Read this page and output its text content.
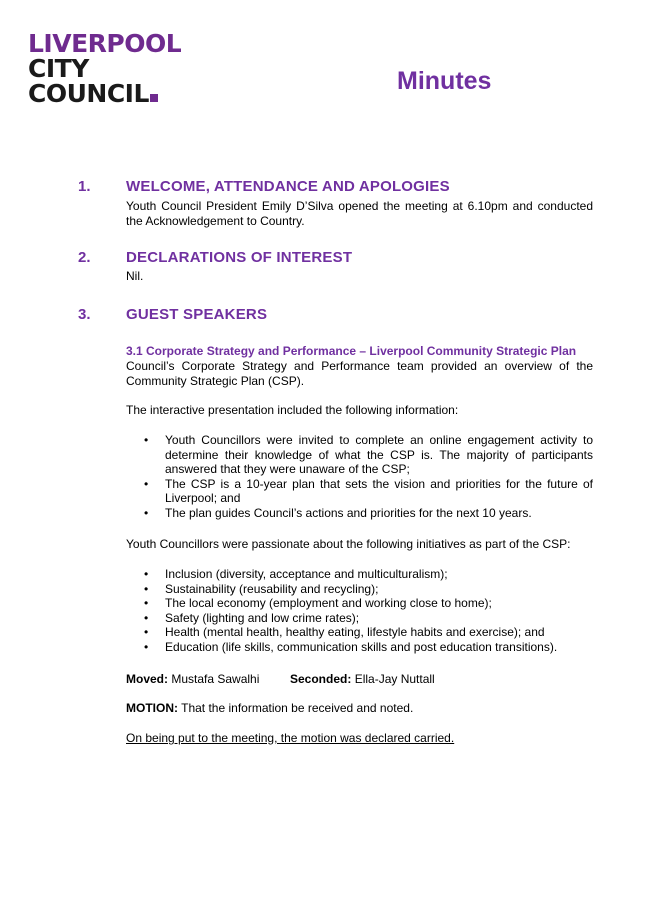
LIVERPOOL
CITY
COUNCIL	Minutes
1. WELCOME, ATTENDANCE AND APOLOGIES
Youth Council President Emily D’Silva opened the meeting at 6.10pm and conducted the Acknowledgement to Country.
2. DECLARATIONS OF INTEREST
Nil.
3. GUEST SPEAKERS
3.1 Corporate Strategy and Performance – Liverpool Community Strategic Plan
Council’s Corporate Strategy and Performance team provided an overview of the Community Strategic Plan (CSP).
The interactive presentation included the following information:
• Youth Councillors were invited to complete an online engagement activity to determine their knowledge of what the CSP is. The majority of participants answered that they were unaware of the CSP;
• The CSP is a 10-year plan that sets the vision and priorities for the future of Liverpool; and
• The plan guides Council’s actions and priorities for the next 10 years.
Youth Councillors were passionate about the following initiatives as part of the CSP:
• Inclusion (diversity, acceptance and multiculturalism);
• Sustainability (reusability and recycling);
• The local economy (employment and working close to home);
• Safety (lighting and low crime rates);
• Health (mental health, healthy eating, lifestyle habits and exercise); and
• Education (life skills, communication skills and post education transitions).
Moved: Mustafa Sawalhi	Seconded: Ella-Jay Nuttall
MOTION: That the information be received and noted.
On being put to the meeting, the motion was declared carried.
